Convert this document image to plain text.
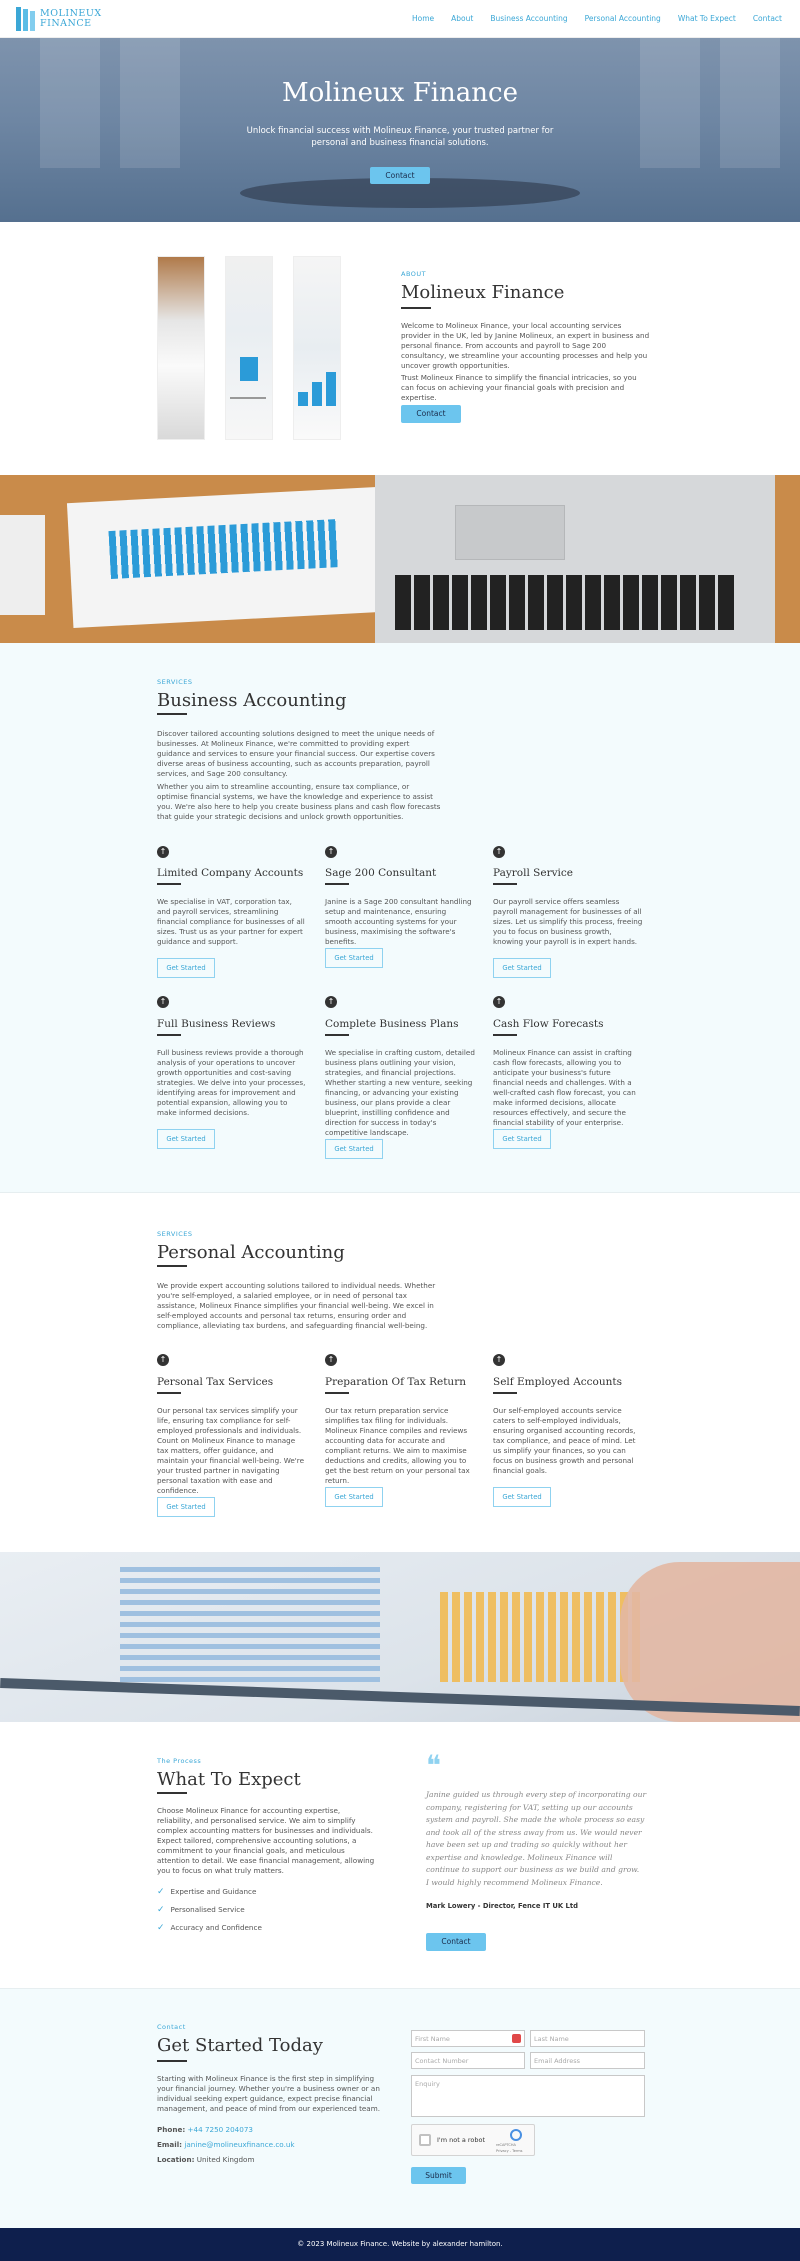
MOLINEUX
FINANCE	Home About Business Accounting Personal Accounting What To Expect Contact
Molineux Finance
Unlock financial success with Molineux Finance, your trusted partner for personal and business financial solutions.
Contact
ABOUT
Molineux Finance
Welcome to Molineux Finance, your local accounting services provider in the UK, led by Janine Molineux, an expert in business and personal finance. From accounts and payroll to Sage 200 consultancy, we streamline your accounting processes and help you uncover growth opportunities.
Trust Molineux Finance to simplify the financial intricacies, so you can focus on achieving your financial goals with precision and expertise.
Contact
SERVICES
Business Accounting
Discover tailored accounting solutions designed to meet the unique needs of businesses. At Molineux Finance, we're committed to providing expert guidance and services to ensure your financial success. Our expertise covers diverse areas of business accounting, such as accounts preparation, payroll services, and Sage 200 consultancy.
Whether you aim to streamline accounting, ensure tax compliance, or optimise financial systems, we have the knowledge and experience to assist you. We're also here to help you create business plans and cash flow forecasts that guide your strategic decisions and unlock growth opportunities.
↑
Limited Company Accounts
We specialise in VAT, corporation tax, and payroll services, streamlining financial compliance for businesses of all sizes. Trust us as your partner for expert guidance and support.
Get Started
↑
Sage 200 Consultant
Janine is a Sage 200 consultant handling setup and maintenance, ensuring smooth accounting systems for your business, maximising the software's benefits.
Get Started
↑
Payroll Service
Our payroll service offers seamless payroll management for businesses of all sizes. Let us simplify this process, freeing you to focus on business growth, knowing your payroll is in expert hands.
Get Started
↑
Full Business Reviews
Full business reviews provide a thorough analysis of your operations to uncover growth opportunities and cost-saving strategies. We delve into your processes, identifying areas for improvement and potential expansion, allowing you to make informed decisions.
Get Started
↑
Complete Business Plans
We specialise in crafting custom, detailed business plans outlining your vision, strategies, and financial projections. Whether starting a new venture, seeking financing, or advancing your existing business, our plans provide a clear blueprint, instilling confidence and direction for success in today's competitive landscape.
Get Started
↑
Cash Flow Forecasts
Molineux Finance can assist in crafting cash flow forecasts, allowing you to anticipate your business's future financial needs and challenges. With a well-crafted cash flow forecast, you can make informed decisions, allocate resources effectively, and secure the financial stability of your enterprise.
Get Started
SERVICES
Personal Accounting
We provide expert accounting solutions tailored to individual needs. Whether you're self-employed, a salaried employee, or in need of personal tax assistance, Molineux Finance simplifies your financial well-being. We excel in self-employed accounts and personal tax returns, ensuring order and compliance, alleviating tax burdens, and safeguarding financial well-being.
↑
Personal Tax Services
Our personal tax services simplify your life, ensuring tax compliance for self-employed professionals and individuals. Count on Molineux Finance to manage tax matters, offer guidance, and maintain your financial well-being. We're your trusted partner in navigating personal taxation with ease and confidence.
Get Started
↑
Preparation Of Tax Return
Our tax return preparation service simplifies tax filing for individuals. Molineux Finance compiles and reviews accounting data for accurate and compliant returns. We aim to maximise deductions and credits, allowing you to get the best return on your personal tax return.
Get Started
↑
Self Employed Accounts
Our self-employed accounts service caters to self-employed individuals, ensuring organised accounting records, tax compliance, and peace of mind. Let us simplify your finances, so you can focus on business growth and personal financial goals.
Get Started
The Process
What To Expect
Choose Molineux Finance for accounting expertise, reliability, and personalised service. We aim to simplify complex accounting matters for businesses and individuals. Expect tailored, comprehensive accounting solutions, a commitment to your financial goals, and meticulous attention to detail. We ease financial management, allowing you to focus on what truly matters.
✓ Expertise and Guidance
✓ Personalised Service
✓ Accuracy and Confidence
❝
Janine guided us through every step of incorporating our company, registering for VAT, setting up our accounts system and payroll. She made the whole process so easy and took all of the stress away from us. We would never have been set up and trading so quickly without her expertise and knowledge. Molineux Finance will continue to support our business as we build and grow.
I would highly recommend Molineux Finance.
Mark Lowery - Director, Fence IT UK Ltd
Contact
Contact
Get Started Today
Starting with Molineux Finance is the first step in simplifying your financial journey. Whether you're a business owner or an individual seeking expert guidance, expect precise financial management, and peace of mind from our experienced team.
Phone: +44 7250 204073
Email: janine@molineuxfinance.co.uk
Location: United Kingdom
First Name	Last Name
Contact Number	Email Address
Enquiry
I'm not a robot
reCAPTCHA
Privacy - Terms
Submit
© 2023 Molineux Finance. Website by alexander hamilton.
